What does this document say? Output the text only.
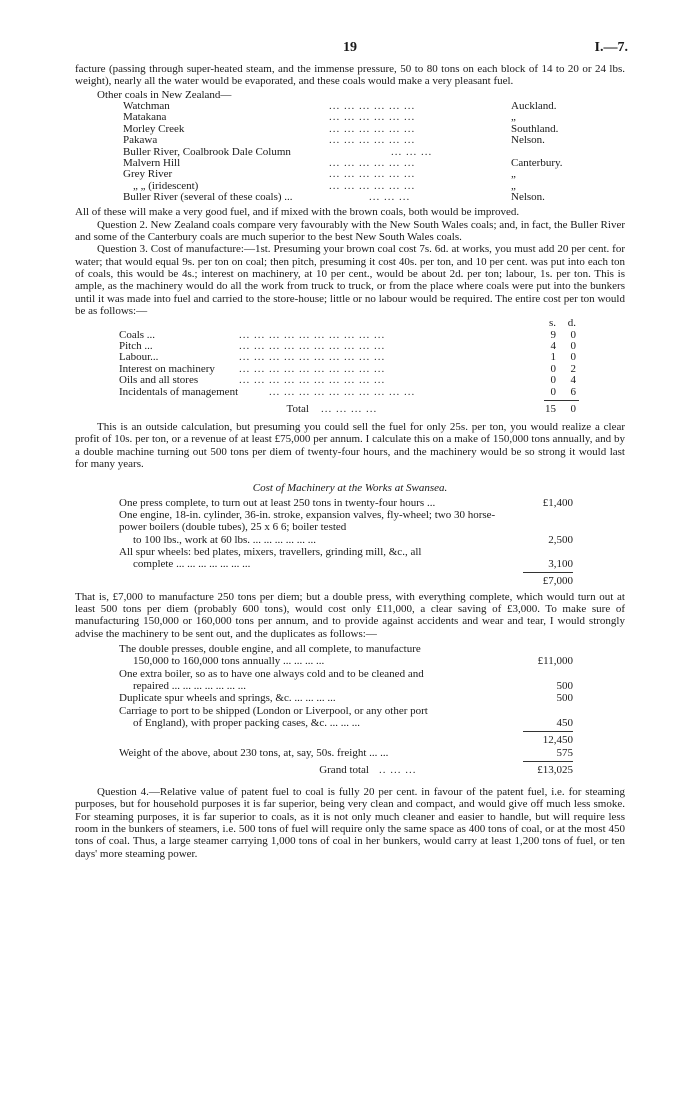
19	I.—7.

facture (passing through super-heated steam, and the immense pressure, 50 to 80 tons on each block of 14 to 20 or 24 lbs. weight), nearly all the water would be evaporated, and these coals would make a very pleasant fuel.

Other coals in New Zealand—
Watchman	... ... ... ... ... ...	Auckland.
Matakana	... ... ... ... ... ...	„
Morley Creek	... ... ... ... ... ...	Southland.
Pakawa	... ... ... ... ... ...	Nelson.
Buller River, Coalbrook Dale Column	... ... ...
Malvern Hill	... ... ... ... ... ...	Canterbury.
Grey River	... ... ... ... ... ...	„
„ „ (iridescent)	... ... ... ... ... ...	„
Buller River (several of these coals) ...	... ... ...	Nelson.

All of these will make a very good fuel, and if mixed with the brown coals, both would be improved.

Question 2. New Zealand coals compare very favourably with the New South Wales coals; and, in fact, the Buller River and some of the Canterbury coals are much superior to the best New South Wales coals.

Question 3. Cost of manufacture:—1st. Presuming your brown coal cost 7s. 6d. at works, you must add 20 per cent. for water; that would equal 9s. per ton on coal; then pitch, presuming it cost 40s. per ton, and 10 per cent. was put into each ton of coals, this would be 4s.; interest on machinery, at 10 per cent., would be about 2d. per ton; labour, 1s. per ton. This is ample, as the machinery would do all the work from truck to truck, or from the place where coals were put into the bunkers until it was made into fuel and carried to the store-house; little or no labour would be required. The entire cost per ton would be as follows:—

s.	d.
Coals ...	... ... ... ... ... ... ... ... ... ...	9	0
Pitch ...	... ... ... ... ... ... ... ... ... ...	4	0
Labour...	... ... ... ... ... ... ... ... ... ...	1	0
Interest on machinery	... ... ... ... ... ... ... ... ... ...	0	2
Oils and all stores	... ... ... ... ... ... ... ... ... ...	0	4
Incidentals of management	... ... ... ... ... ... ... ... ... ...	0	6
Total	... ... ... ...	15	0

This is an outside calculation, but presuming you could sell the fuel for only 25s. per ton, you would realize a clear profit of 10s. per ton, or a revenue of at least £75,000 per annum. I calculate this on a make of 150,000 tons annually, and by a double machine turning out 500 tons per diem of twenty-four hours, and the machinery would be so strong it would last for many years.

Cost of Machinery at the Works at Swansea.
One press complete, to turn out at least 250 tons in twenty-four hours ...	£1,400
One engine, 18-in. cylinder, 36-in. stroke, expansion valves, fly-wheel; two 30 horse-power boilers (double tubes), 25 x 6 6; boiler tested
to 100 lbs., work at 60 lbs. ... ... ... ... ... ...	2,500
All spur wheels: bed plates, mixers, travellers, grinding mill, &c., all
complete ... ... ... ... ... ... ...	3,100
£7,000

That is, £7,000 to manufacture 250 tons per diem; but a double press, with everything complete, which would turn out at least 500 tons per diem (probably 600 tons), would cost only £11,000, a clear saving of £3,000. To make sure of manufacturing 150,000 or 160,000 tons per annum, and to provide against accidents and wear and tear, I would strongly advise the machinery to be sent out, and the duplicates as follows:—

The double presses, double engine, and all complete, to manufacture
150,000 to 160,000 tons annually ... ... ... ...	£11,000
One extra boiler, so as to have one always cold and to be cleaned and
repaired ... ... ... ... ... ... ...	500
Duplicate spur wheels and springs, &c. ... ... ... ...	500
Carriage to port to be shipped (London or Liverpool, or any other port
of England), with proper packing cases, &c. ... ... ...	450
12,450
Weight of the above, about 230 tons, at, say, 50s. freight ... ...	575
Grand total .. ... ...	£13,025

Question 4.—Relative value of patent fuel to coal is fully 20 per cent. in favour of the patent fuel, i.e. for steaming purposes, but for household purposes it is far superior, being very clean and compact, and would give off much less smoke. For steaming purposes, it is far superior to coals, as it is not only much cleaner and easier to handle, but will require less room in the bunkers of steamers, i.e. 500 tons of fuel will require only the same space as 400 tons of coal, or at the most 450 tons of coal. Thus, a large steamer carrying 1,000 tons of coal in her bunkers, would carry at least 1,200 tons of fuel, or ten days' more steaming power.
